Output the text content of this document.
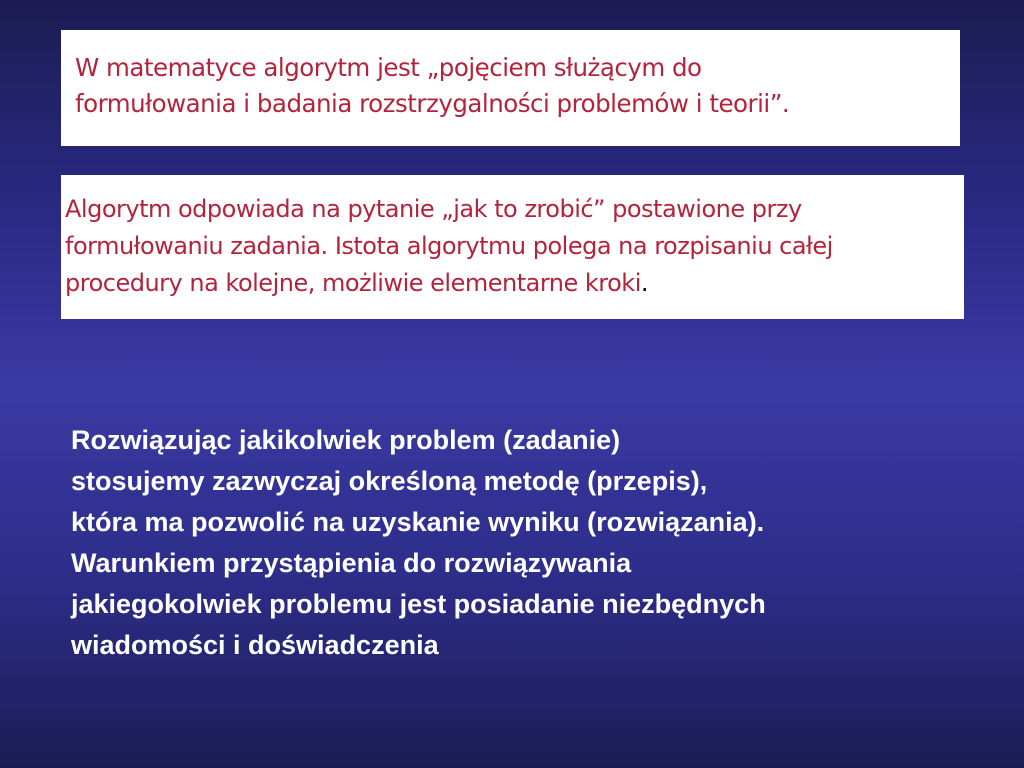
W matematyce algorytm jest „pojęciem służącym do

formułowania i badania rozstrzygalności problemów i teorii”.

Algorytm odpowiada na pytanie „jak to zrobić” postawione przy

formułowaniu zadania. Istota algorytmu polega na rozpisaniu całej

procedury na kolejne, możliwie elementarne kroki.

Rozwiązując jakikolwiek problem (zadanie)
stosujemy zazwyczaj określoną metodę (przepis),
która ma pozwolić na uzyskanie wyniku (rozwiązania).
Warunkiem przystąpienia do rozwiązywania
jakiegokolwiek problemu jest posiadanie niezbędnych
wiadomości i doświadczenia
